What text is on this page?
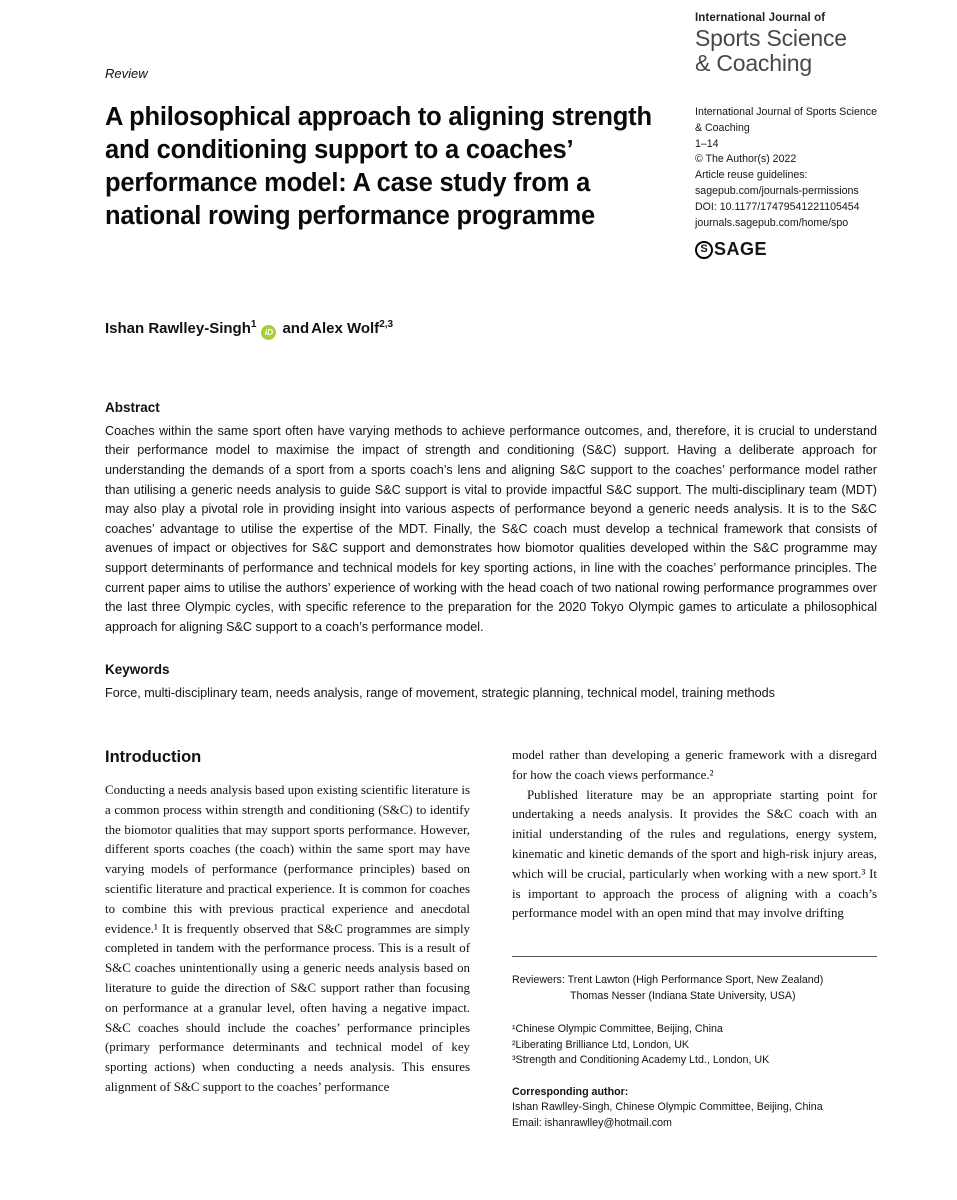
Review
International Journal of
Sports Science
& Coaching
A philosophical approach to aligning strength and conditioning support to a coaches’ performance model: A case study from a national rowing performance programme
International Journal of Sports Science
& Coaching
1–14
© The Author(s) 2022
Article reuse guidelines:
sagepub.com/journals-permissions
DOI: 10.1177/17479541221105454
journals.sagepub.com/home/spo
S SAGE
Ishan Rawlley-Singh$^1$iD and Alex Wolf$^{2,3}$
Abstract

Coaches within the same sport often have varying methods to achieve performance outcomes, and, therefore, it is crucial to understand their performance model to maximise the impact of strength and conditioning (S&C) support. Having a deliberate approach for understanding the demands of a sport from a sports coach’s lens and aligning S&C support to the coaches’ performance model rather than utilising a generic needs analysis to guide S&C support is vital to provide impactful S&C support. The multi-disciplinary team (MDT) may also play a pivotal role in providing insight into various aspects of performance beyond a generic needs analysis. It is to the S&C coaches’ advantage to utilise the expertise of the MDT. Finally, the S&C coach must develop a technical framework that consists of avenues of impact or objectives for S&C support and demonstrates how biomotor qualities developed within the S&C programme may support determinants of performance and technical models for key sporting actions, in line with the coaches’ performance principles. The current paper aims to utilise the authors’ experience of working with the head coach of two national rowing performance programmes over the last three Olympic cycles, with specific reference to the preparation for the 2020 Tokyo Olympic games to articulate a philosophical approach for aligning S&C support to a coach’s performance model.

Keywords

Force, multi-disciplinary team, needs analysis, range of movement, strategic planning, technical model, training methods

Introduction

Conducting a needs analysis based upon existing scientific literature is a common process within strength and conditioning (S&C) to identify the biomotor qualities that may support sports performance. However, different sports coaches (the coach) within the same sport may have varying models of performance (performance principles) based on scientific literature and practical experience. It is common for coaches to combine this with previous practical experience and anecdotal evidence.¹ It is frequently observed that S&C programmes are simply completed in tandem with the performance process. This is a result of S&C coaches unintentionally using a generic needs analysis based on literature to guide the direction of S&C support rather than focusing on performance at a granular level, often having a negative impact. S&C coaches should include the coaches’ performance principles (primary performance determinants and technical model of key sporting actions) when conducting a needs analysis. This ensures alignment of S&C support to the coaches’ performance

model rather than developing a generic framework with a disregard for how the coach views performance.²

Published literature may be an appropriate starting point for undertaking a needs analysis. It provides the S&C coach with an initial understanding of the rules and regulations, energy system, kinematic and kinetic demands of the sport and high-risk injury areas, which will be crucial, particularly when working with a new sport.³ It is important to approach the process of aligning with a coach’s performance model with an open mind that may involve drifting

Reviewers: Trent Lawton (High Performance Sport, New Zealand)
Thomas Nesser (Indiana State University, USA)
¹Chinese Olympic Committee, Beijing, China
²Liberating Brilliance Ltd, London, UK
³Strength and Conditioning Academy Ltd., London, UK
Corresponding author:
Ishan Rawlley-Singh, Chinese Olympic Committee, Beijing, China
Email: ishanrawlley@hotmail.com
